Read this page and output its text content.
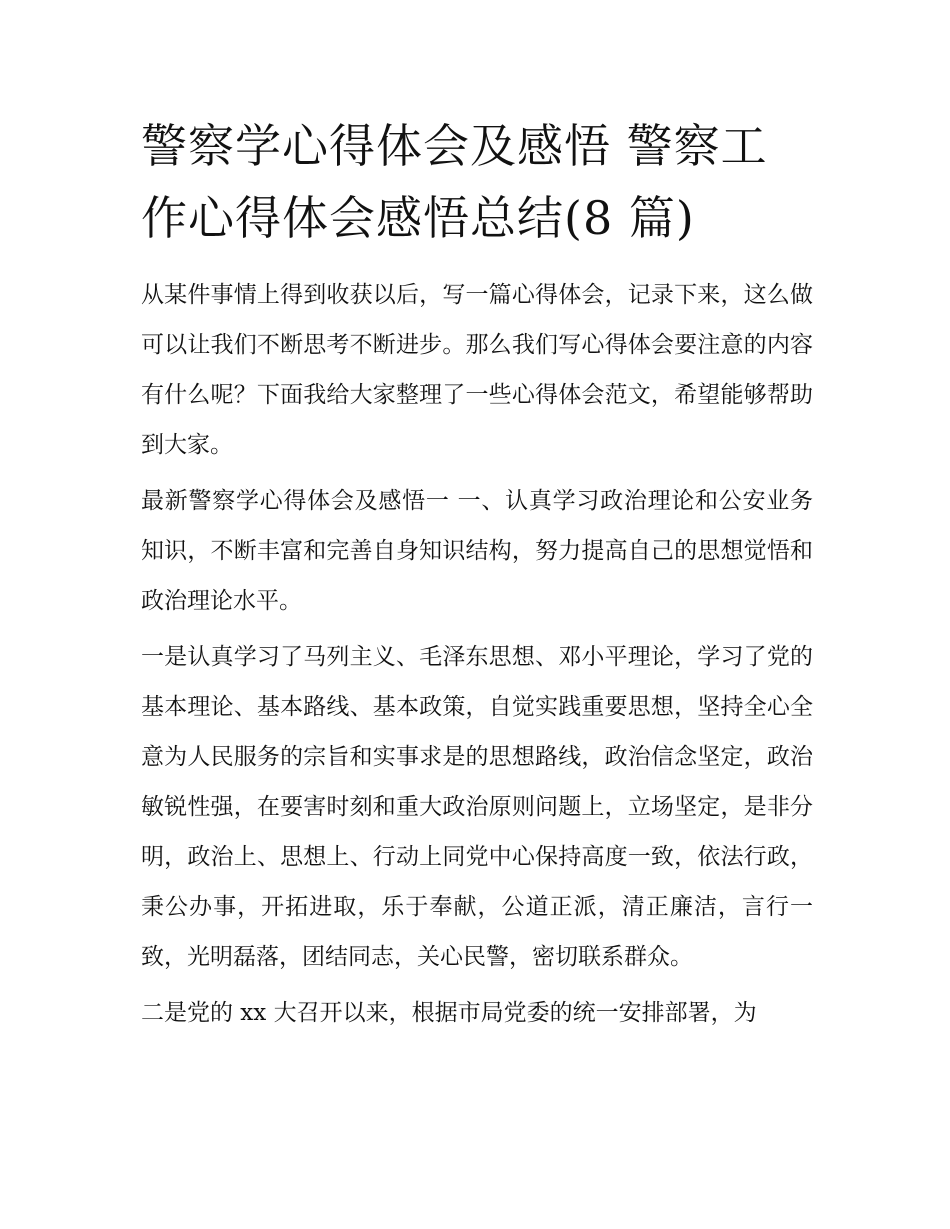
警察学心得体会及感悟 警察工作心得体会感悟总结(8 篇)

从某件事情上得到收获以后，写一篇心得体会，记录下来，这么做可以让我们不断思考不断进步。那么我们写心得体会要注意的内容有什么呢？下面我给大家整理了一些心得体会范文，希望能够帮助到大家。

最新警察学心得体会及感悟一 一、认真学习政治理论和公安业务知识，不断丰富和完善自身知识结构，努力提高自己的思想觉悟和政治理论水平。

一是认真学习了马列主义、毛泽东思想、邓小平理论，学习了党的基本理论、基本路线、基本政策，自觉实践重要思想，坚持全心全意为人民服务的宗旨和实事求是的思想路线，政治信念坚定，政治敏锐性强，在要害时刻和重大政治原则问题上，立场坚定，是非分明，政治上、思想上、行动上同党中心保持高度一致，依法行政，秉公办事，开拓进取，乐于奉献，公道正派，清正廉洁，言行一致，光明磊落，团结同志，关心民警，密切联系群众。

二是党的 xx 大召开以来，根据市局党委的统一安排部署，为
